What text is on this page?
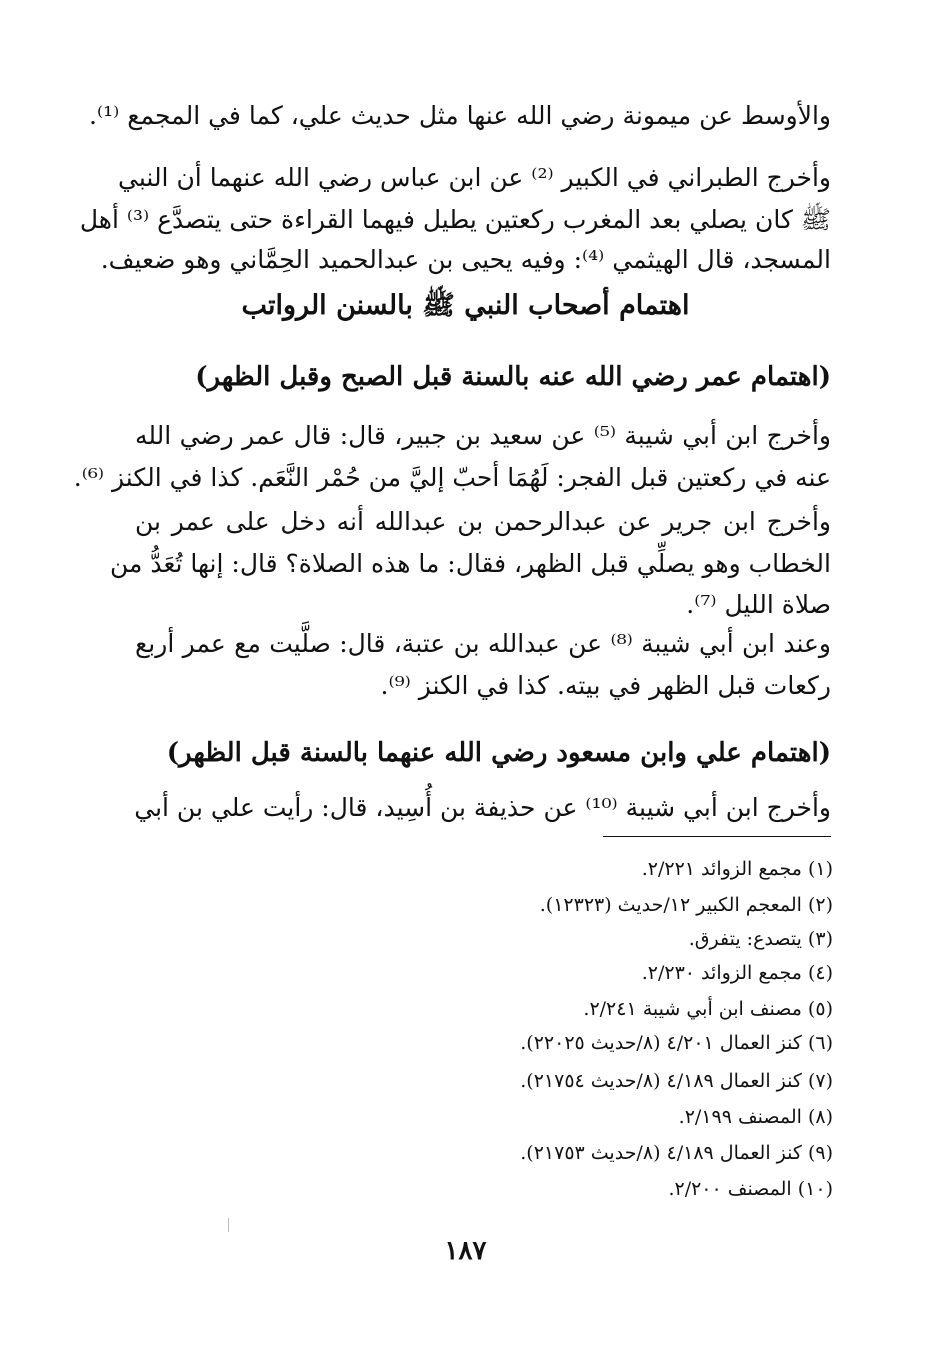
والأوسط عن ميمونة رضي الله عنها مثل حديث علي، كما في المجمع ⁽¹⁾.
وأخرج الطبراني في الكبير ⁽²⁾ عن ابن عباس رضي الله عنهما أن النبي
ﷺ كان يصلي بعد المغرب ركعتين يطيل فيهما القراءة حتى يتصدَّع ⁽³⁾ أهل
المسجد، قال الهيثمي ⁽⁴⁾: وفيه يحيى بن عبدالحميد الحِمَّاني وهو ضعيف.
اهتمام أصحاب النبي ﷺ بالسنن الرواتب
(اهتمام عمر رضي الله عنه بالسنة قبل الصبح وقبل الظهر)
وأخرج ابن أبي شيبة ⁽⁵⁾ عن سعيد بن جبير، قال: قال عمر رضي الله
عنه في ركعتين قبل الفجر: لَهُمَا أحبّ إليَّ من حُمْر النَّعَم. كذا في الكنز ⁽⁶⁾.
وأخرج ابن جرير عن عبدالرحمن بن عبدالله أنه دخل على عمر بن
الخطاب وهو يصلِّي قبل الظهر، فقال: ما هذه الصلاة؟ قال: إنها تُعَدُّ من
صلاة الليل ⁽⁷⁾.
وعند ابن أبي شيبة ⁽⁸⁾ عن عبدالله بن عتبة، قال: صلَّيت مع عمر أربع
ركعات قبل الظهر في بيته. كذا في الكنز ⁽⁹⁾.
(اهتمام علي وابن مسعود رضي الله عنهما بالسنة قبل الظهر)
وأخرج ابن أبي شيبة ⁽¹⁰⁾ عن حذيفة بن أُسِيد، قال: رأيت علي بن أبي
(١) مجمع الزوائد ٢/٢٢١.
(٢) المعجم الكبير ١٢/حديث (١٢٣٢٣).
(٣) يتصدع: يتفرق.
(٤) مجمع الزوائد ٢/٢٣٠.
(٥) مصنف ابن أبي شيبة ٢/٢٤١.
(٦) كنز العمال ٤/٢٠١ (٨/حديث ٢٢٠٢٥).
(٧) كنز العمال ٤/١٨٩ (٨/حديث ٢١٧٥٤).
(٨) المصنف ٢/١٩٩.
(٩) كنز العمال ٤/١٨٩ (٨/حديث ٢١٧٥٣).
(١٠) المصنف ٢/٢٠٠.
١٨٧
